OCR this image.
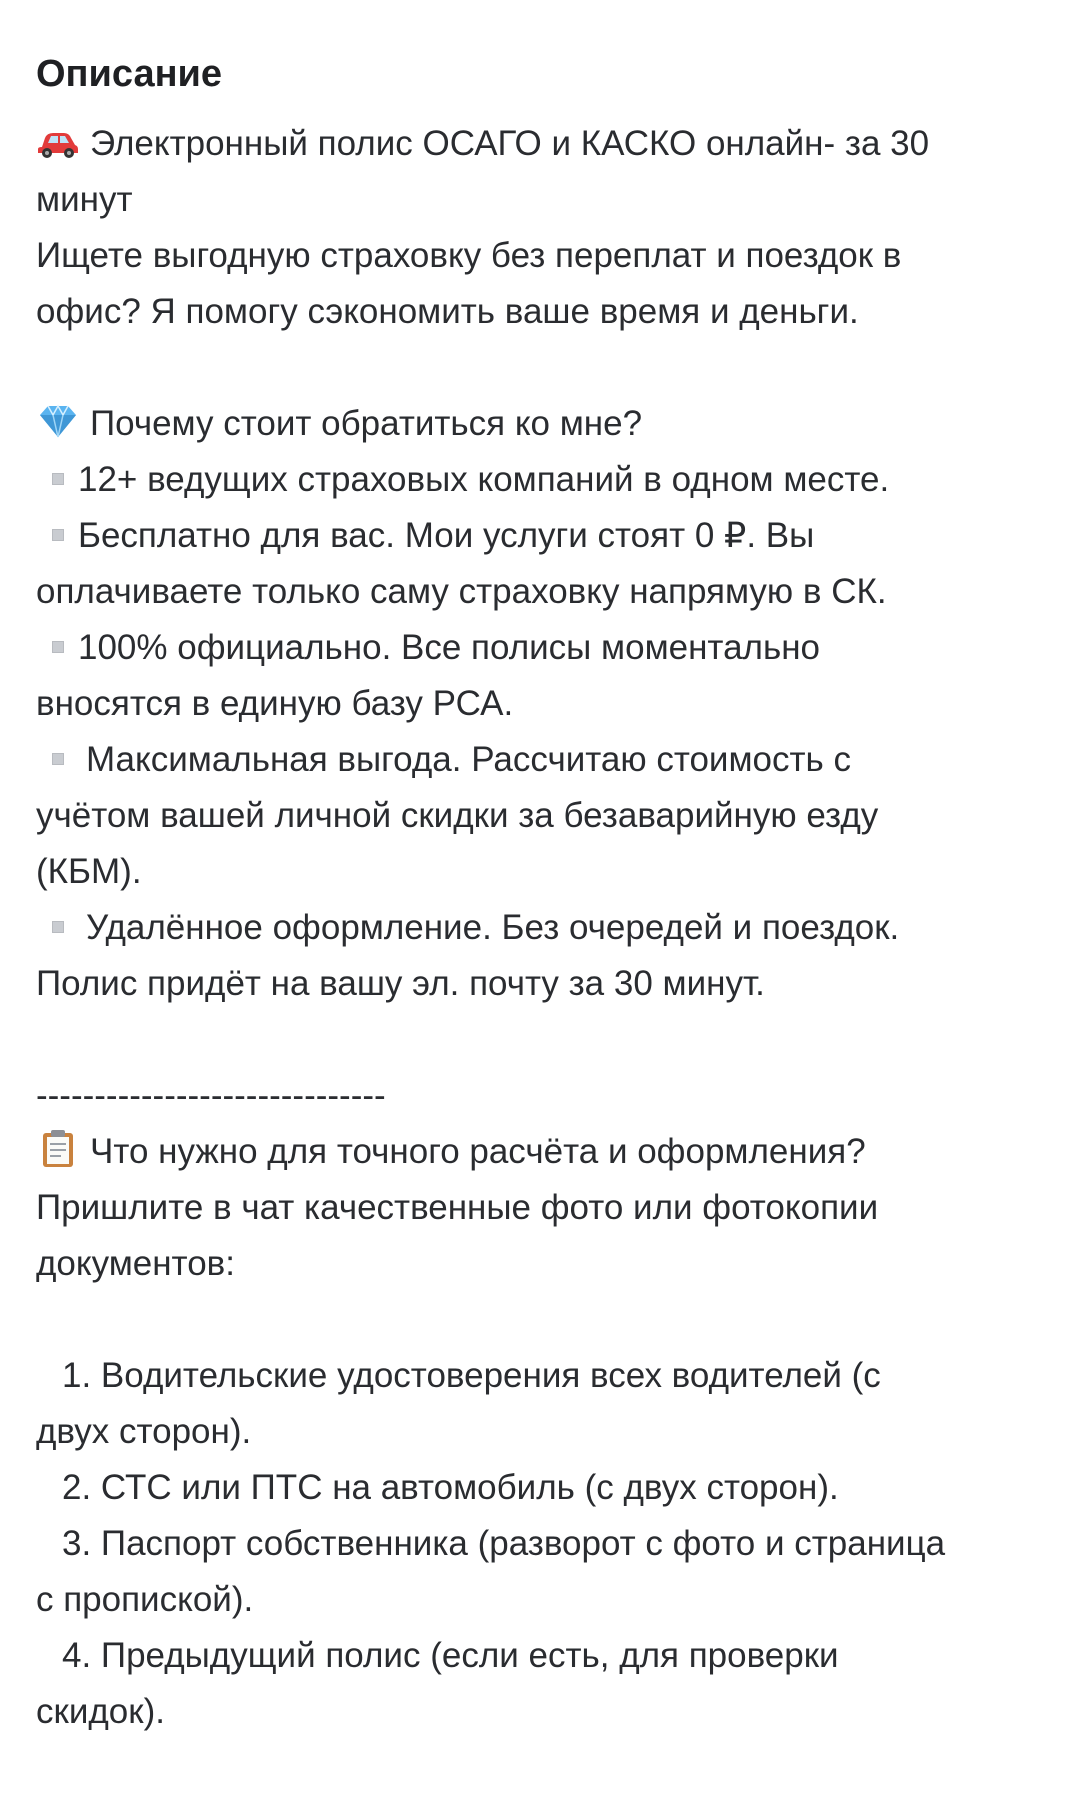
Описание
Электронный полис ОСАГО и КАСКО онлайн- за 30
минут
Ищете выгодную страховку без переплат и поездок в
офис? Я помогу сэкономить ваше время и деньги.

Почему стоит обратиться ко мне?
12+ ведущих страховых компаний в одном месте.
Бесплатно для вас. Мои услуги стоят 0 ₽. Вы
оплачиваете только саму страховку напрямую в СК.
100% официально. Все полисы моментально
вносятся в единую базу РСА.
Максимальная выгода. Рассчитаю стоимость с
учётом вашей личной скидки за безаварийную езду
(КБМ).
Удалённое оформление. Без очередей и поездок.
Полис придёт на вашу эл. почту за 30 минут.

------------------------------
Что нужно для точного расчёта и оформления?
Пришлите в чат качественные фото или фотокопии
документов:

1. Водительские удостоверения всех водителей (с
двух сторон).
2. СТС или ПТС на автомобиль (с двух сторон).
3. Паспорт собственника (разворот с фото и страница
с пропиской).
4. Предыдущий полис (если есть, для проверки
скидок).
